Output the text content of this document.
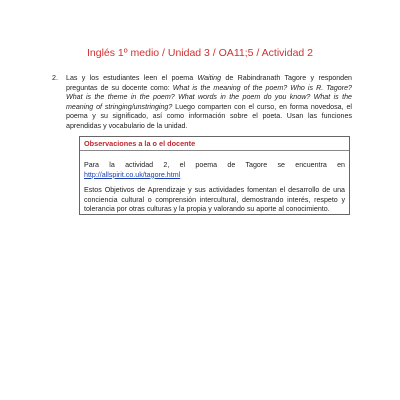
Inglés 1º medio / Unidad 3 / OA11;5 / Actividad 2
2. Las y los estudiantes leen el poema Waiting de Rabindranath Tagore y responden preguntas de su docente como: What is the meaning of the poem? Who is R. Tagore? What is the theme in the poem? What words in the poem do you know? What is the meaning of stringing/unstringing? Luego comparten con el curso, en forma novedosa, el poema y su significado, así como información sobre el poeta. Usan las funciones aprendidas y vocabulario de la unidad.
Observaciones a la o el docente

Para la actividad 2, el poema de Tagore se encuentra en

http://allspirit.co.uk/tagore.html

Estos Objetivos de Aprendizaje y sus actividades fomentan el desarrollo de una conciencia cultural o comprensión intercultural, demostrando interés, respeto y tolerancia por otras culturas y la propia y valorando su aporte al conocimiento.
